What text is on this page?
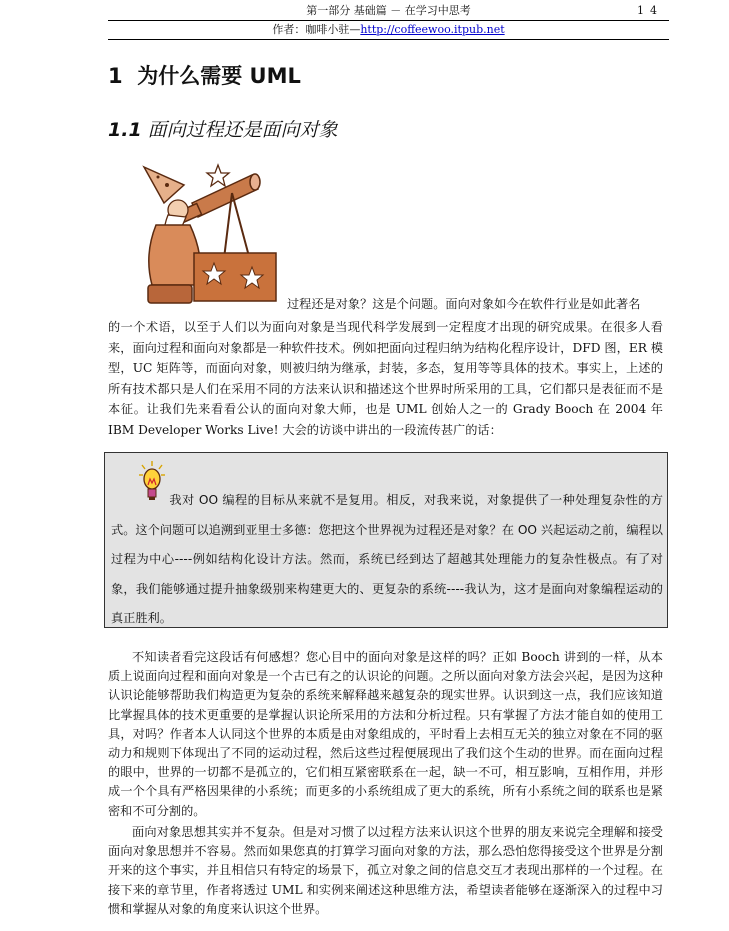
第一部分 基础篇 － 在学习中思考	14
作者：咖啡小驻—http://coffeewoo.itpub.net
1 为什么需要 UML
1.1 面向过程还是面向对象
过程还是对象？这是个问题。面向对象如今在软件行业是如此著名
的一个术语，以至于人们以为面向对象是当现代科学发展到一定程度才出现的研究成果。在很多人看来，面向过程和面向对象都是一种软件技术。例如把面向过程归纳为结构化程序设计，DFD 图，ER 模型，UC 矩阵等，而面向对象，则被归纳为继承，封装，多态，复用等等具体的技术。事实上，上述的所有技术都只是人们在采用不同的方法来认识和描述这个世界时所采用的工具，它们都只是表征而不是本征。让我们先来看看公认的面向对象大师，也是 UML 创始人之一的 Grady Booch 在 2004 年 IBM Developer Works Live! 大会的访谈中讲出的一段流传甚广的话：
我对 OO 编程的目标从来就不是复用。相反，对我来说，对象提供了一种处理复杂性的方式。这个问题可以追溯到亚里士多德：您把这个世界视为过程还是对象？在 OO 兴起运动之前，编程以过程为中心----例如结构化设计方法。然而，系统已经到达了超越其处理能力的复杂性极点。有了对象，我们能够通过提升抽象级别来构建更大的、更复杂的系统----我认为，这才是面向对象编程运动的真正胜利。
不知读者看完这段话有何感想？您心目中的面向对象是这样的吗？正如 Booch 讲到的一样，从本质上说面向过程和面向对象是一个古已有之的认识论的问题。之所以面向对象方法会兴起，是因为这种认识论能够帮助我们构造更为复杂的系统来解释越来越复杂的现实世界。认识到这一点，我们应该知道比掌握具体的技术更重要的是掌握认识论所采用的方法和分析过程。只有掌握了方法才能自如的使用工具，对吗？作者本人认同这个世界的本质是由对象组成的，平时看上去相互无关的独立对象在不同的驱动力和规则下体现出了不同的运动过程，然后这些过程便展现出了我们这个生动的世界。而在面向过程的眼中，世界的一切都不是孤立的，它们相互紧密联系在一起，缺一不可，相互影响，互相作用，并形成一个个具有严格因果律的小系统；而更多的小系统组成了更大的系统，所有小系统之间的联系也是紧密和不可分割的。
面向对象思想其实并不复杂。但是对习惯了以过程方法来认识这个世界的朋友来说完全理解和接受面向对象思想并不容易。然而如果您真的打算学习面向对象的方法，那么恐怕您得接受这个世界是分割开来的这个事实，并且相信只有特定的场景下，孤立对象之间的信息交互才表现出那样的一个过程。在接下来的章节里，作者将透过 UML 和实例来阐述这种思维方法，希望读者能够在逐渐深入的过程中习惯和掌握从对象的角度来认识这个世界。
